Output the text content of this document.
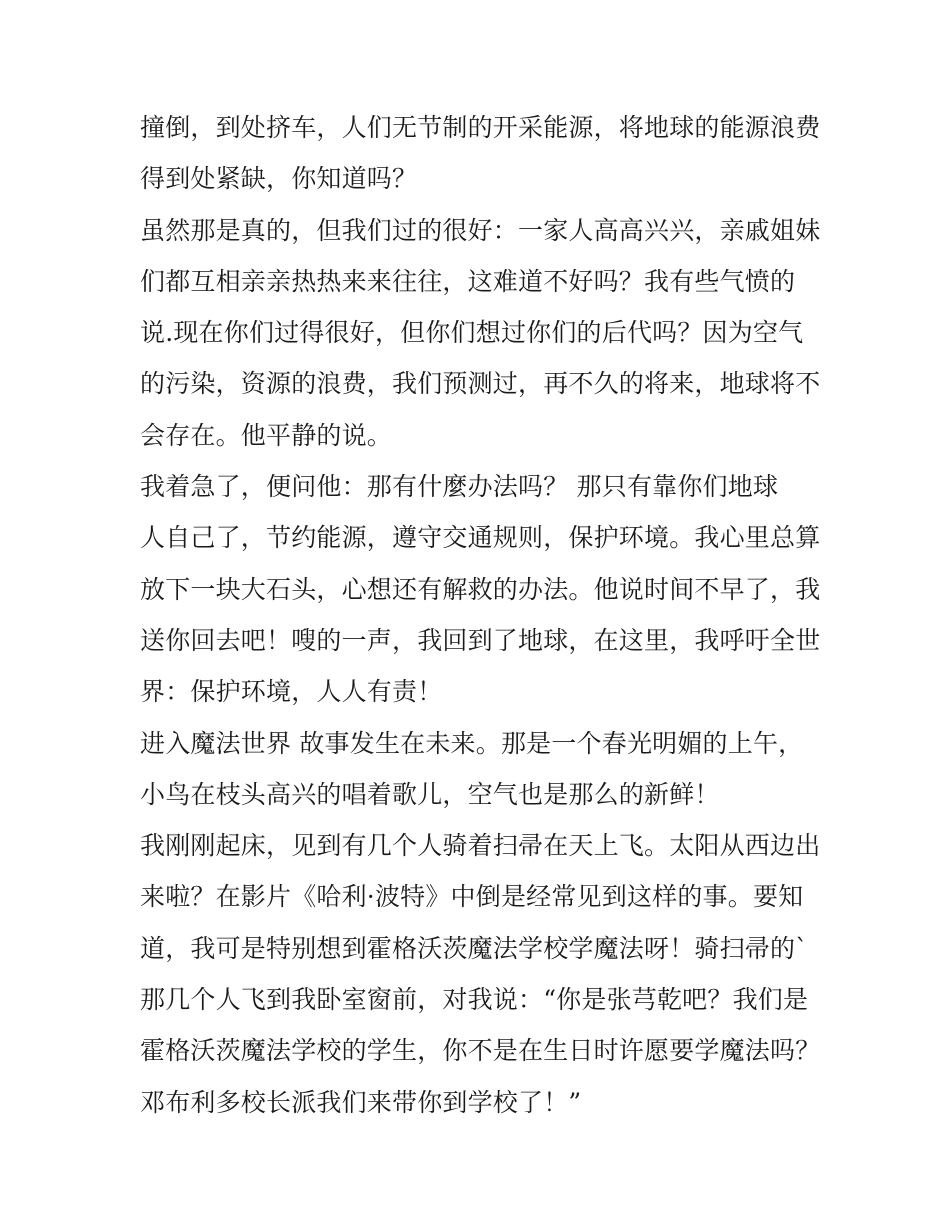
撞倒，到处挤车，人们无节制的开采能源，将地球的能源浪费
得到处紧缺，你知道吗？
虽然那是真的，但我们过的很好：一家人高高兴兴，亲戚姐妹
们都互相亲亲热热来来往往，这难道不好吗？我有些气愤的
说.现在你们过得很好，但你们想过你们的后代吗？因为空气
的污染，资源的浪费，我们预测过，再不久的将来，地球将不
会存在。他平静的说。
我着急了，便问他：那有什麼办法吗？ 那只有靠你们地球
人自己了，节约能源，遵守交通规则，保护环境。我心里总算
放下一块大石头，心想还有解救的办法。他说时间不早了，我
送你回去吧！嗖的一声，我回到了地球，在这里，我呼吁全世
界：保护环境，人人有责！
进入魔法世界 故事发生在未来。那是一个春光明媚的上午，
小鸟在枝头高兴的唱着歌儿，空气也是那么的新鲜！
我刚刚起床，见到有几个人骑着扫帚在天上飞。太阳从西边出
来啦？在影片《哈利·波特》中倒是经常见到这样的事。要知
道，我可是特别想到霍格沃茨魔法学校学魔法呀！骑扫帚的`
那几个人飞到我卧室窗前，对我说：“你是张芎乾吧？我们是
霍格沃茨魔法学校的学生，你不是在生日时许愿要学魔法吗？
邓布利多校长派我们来带你到学校了！”
